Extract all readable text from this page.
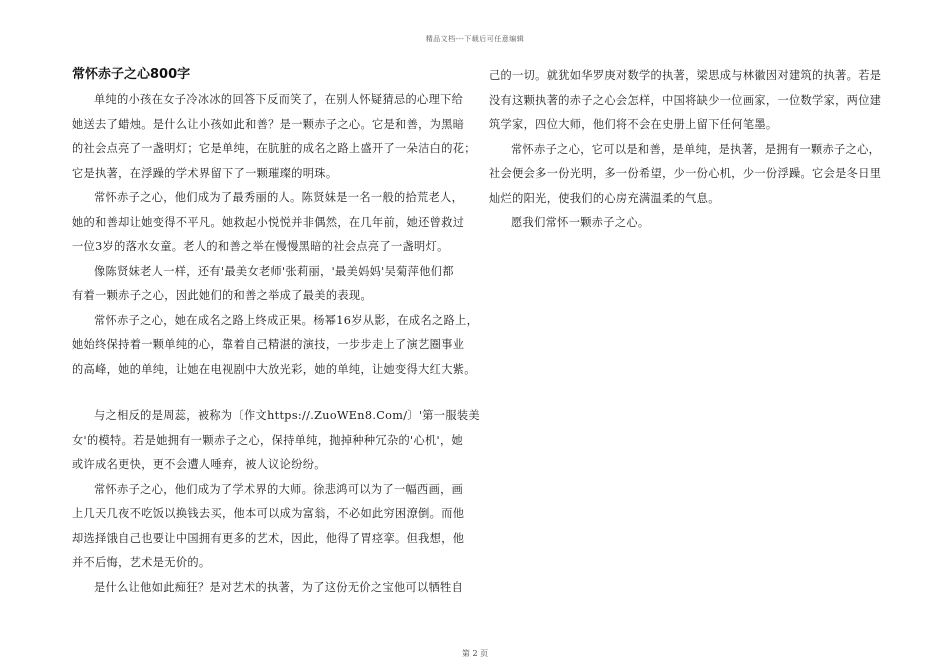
精品文档---下载后可任意编辑
常怀赤子之心800字
单纯的小孩在女子冷冰冰的回答下反而笑了，在别人怀疑猜忌的心理下给
她送去了蜡烛。是什么让小孩如此和善？是一颗赤子之心。它是和善，为黑暗
的社会点亮了一盏明灯；它是单纯，在肮脏的成名之路上盛开了一朵洁白的花；
它是执著，在浮躁的学术界留下了一颗璀璨的明珠。
常怀赤子之心，他们成为了最秀丽的人。陈贤妹是一名一般的拾荒老人，
她的和善却让她变得不平凡。她救起小悦悦并非偶然，在几年前，她还曾救过
一位3岁的落水女童。老人的和善之举在慢慢黑暗的社会点亮了一盏明灯。
像陈贤妹老人一样，还有'最美女老师'张莉丽，'最美妈妈'吴菊萍他们都
有着一颗赤子之心，因此她们的和善之举成了最美的表现。
常怀赤子之心，她在成名之路上终成正果。杨幂16岁从影，在成名之路上，
她始终保持着一颗单纯的心，靠着自己精湛的演技，一步步走上了演艺圈事业
的高峰，她的单纯，让她在电视剧中大放光彩，她的单纯，让她变得大红大紫。
与之相反的是周蕊，被称为〔作文https://.ZuoWEn8.Com/〕'第一服装美
女'的模特。若是她拥有一颗赤子之心，保持单纯，抛掉种种冗杂的'心机'，她
或许成名更快，更不会遭人唾弃，被人议论纷纷。
常怀赤子之心，他们成为了学术界的大师。徐悲鸿可以为了一幅西画，画
上几天几夜不吃饭以换钱去买，他本可以成为富翁，不必如此穷困潦倒。而他
却选择饿自己也要让中国拥有更多的艺术，因此，他得了胃痉挛。但我想，他
并不后悔，艺术是无价的。
是什么让他如此痴狂？是对艺术的执著，为了这份无价之宝他可以牺牲自
己的一切。就犹如华罗庚对数学的执著，梁思成与林徽因对建筑的执著。若是
没有这颗执著的赤子之心会怎样，中国将缺少一位画家，一位数学家，两位建
筑学家，四位大师，他们将不会在史册上留下任何笔墨。
常怀赤子之心，它可以是和善，是单纯，是执著，是拥有一颗赤子之心，
社会便会多一份光明，多一份希望，少一份心机，少一份浮躁。它会是冬日里
灿烂的阳光，使我们的心房充满温柔的气息。
愿我们常怀一颗赤子之心。
第 2 页
